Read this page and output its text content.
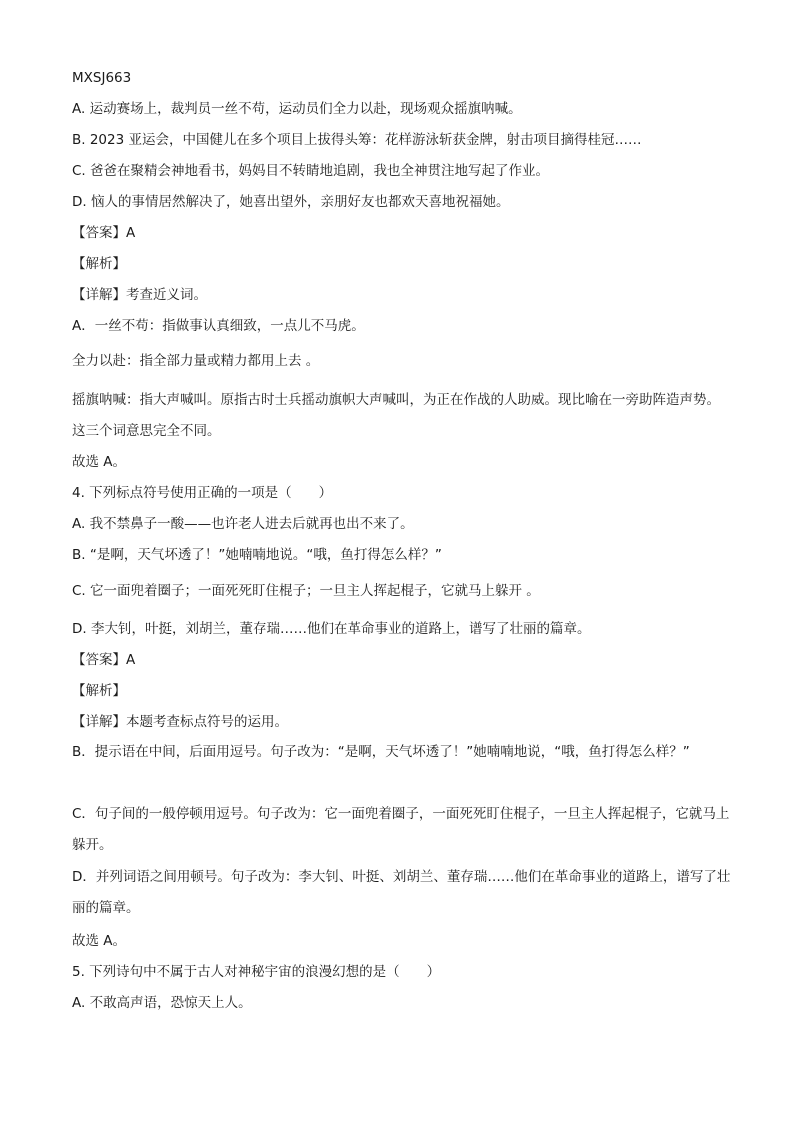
MXSJ663
A. 运动赛场上，裁判员一丝不苟，运动员们全力以赴，现场观众摇旗呐喊。
B. 2023 亚运会，中国健儿在多个项目上拔得头筹：花样游泳斩获金牌，射击项目摘得桂冠……
C. 爸爸在聚精会神地看书，妈妈目不转睛地追剧，我也全神贯注地写起了作业。
D. 恼人的事情居然解决了，她喜出望外，亲朋好友也都欢天喜地祝福她。
【答案】A
【解析】
【详解】考查近义词。
A．一丝不苟：指做事认真细致，一点儿不马虎。
全力以赴：指全部力量或精力都用上去 。
摇旗呐喊：指大声喊叫。原指古时士兵摇动旗帜大声喊叫，为正在作战的人助威。现比喻在一旁助阵造声势。这三个词意思完全不同。
故选 A。
4. 下列标点符号使用正确的一项是（　　）
A. 我不禁鼻子一酸——也许老人进去后就再也出不来了。
B. “是啊，天气坏透了！”她喃喃地说。“哦，鱼打得怎么样？”
C. 它一面兜着圈子；一面死死盯住棍子；一旦主人挥起棍子，它就马上躲开 。
D. 李大钊，叶挺，刘胡兰，董存瑞……他们在革命事业的道路上，谱写了壮丽的篇章。
【答案】A
【解析】
【详解】本题考查标点符号的运用。
B．提示语在中间，后面用逗号。句子改为：“是啊，天气坏透了！”她喃喃地说，“哦，鱼打得怎么样？”
C．句子间的一般停顿用逗号。句子改为：它一面兜着圈子，一面死死盯住棍子，一旦主人挥起棍子，它就马上躲开。
D．并列词语之间用顿号。句子改为：李大钊、叶挺、刘胡兰、董存瑞……他们在革命事业的道路上，谱写了壮丽的篇章。
故选 A。
5. 下列诗句中不属于古人对神秘宇宙的浪漫幻想的是（　　）
A. 不敢高声语，恐惊天上人。
